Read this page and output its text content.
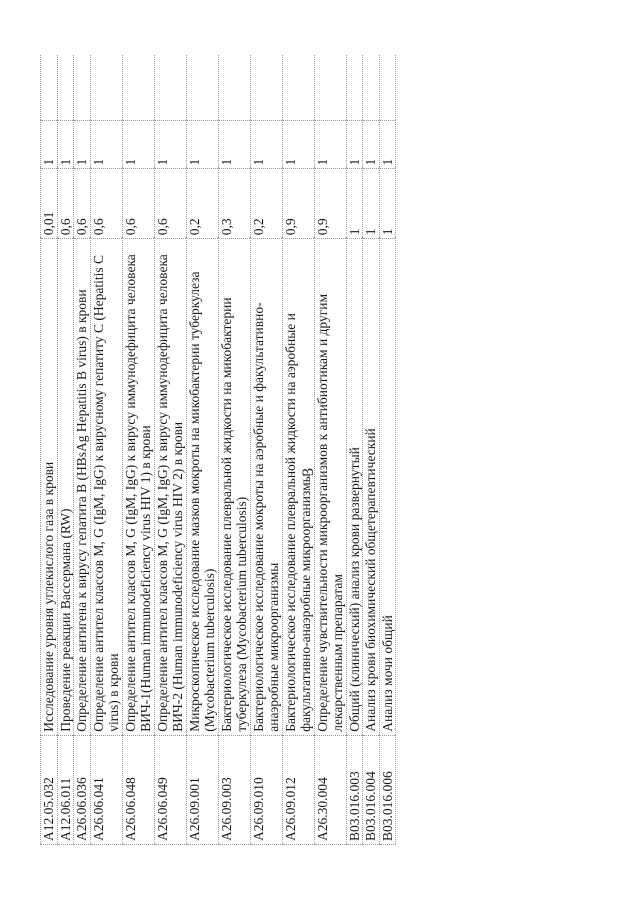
A12.05.032	Исследование уровня углекислого газа в крови	0,01	1	
A12.06.011	Проведение реакции Вассермана (RW)	0,6	1	
A26.06.036	Определение антигена к вирусу гепатита B (HBsAg Hepatitis B virus) в крови	0,6	1	
A26.06.041	Определение антител классов M, G (IgM, IgG) к вирусному гепатиту C (Hepatitis C virus) в крови	0,6	1	
A26.06.048	Определение антител классов M, G (IgM, IgG) к вирусу иммунодефицита человека ВИЧ-1(Human immunodeficiency virus HIV 1) в крови	0,6	1	
A26.06.049	Определение антител классов M, G (IgM, IgG) к вирусу иммунодефицита человека ВИЧ-2 (Human immunodeficiency virus HIV 2) в крови	0,6	1	
A26.09.001	Микроскопическое исследование мазков мокроты на микобактерии туберкулеза (Mycobacterium tuberculosis)	0,2	1	
A26.09.003	Бактериологическое исследование плевральной жидкости на микобактерии туберкулеза (Mycobacterium tuberculosis)	0,3	1	
A26.09.010	Бактериологическое исследование мокроты на аэробные и факультативно-анаэробные микроорганизмы	0,2	1	
A26.09.012	Бактериологическое исследование плевральной жидкости на аэробные и факультативно-анаэробные микроорганизмы	0,9	1	
A26.30.004	Определение чувствительности микроорганизмов к антибиотикам и другим лекарственным препаратам	0,9	1	
B03.016.003	Общий (клинический) анализ крови развернутый	1	1	
B03.016.004	Анализ крови биохимический общетерапевтический	1	1	
B03.016.006	Анализ мочи общий	1	1	
3
